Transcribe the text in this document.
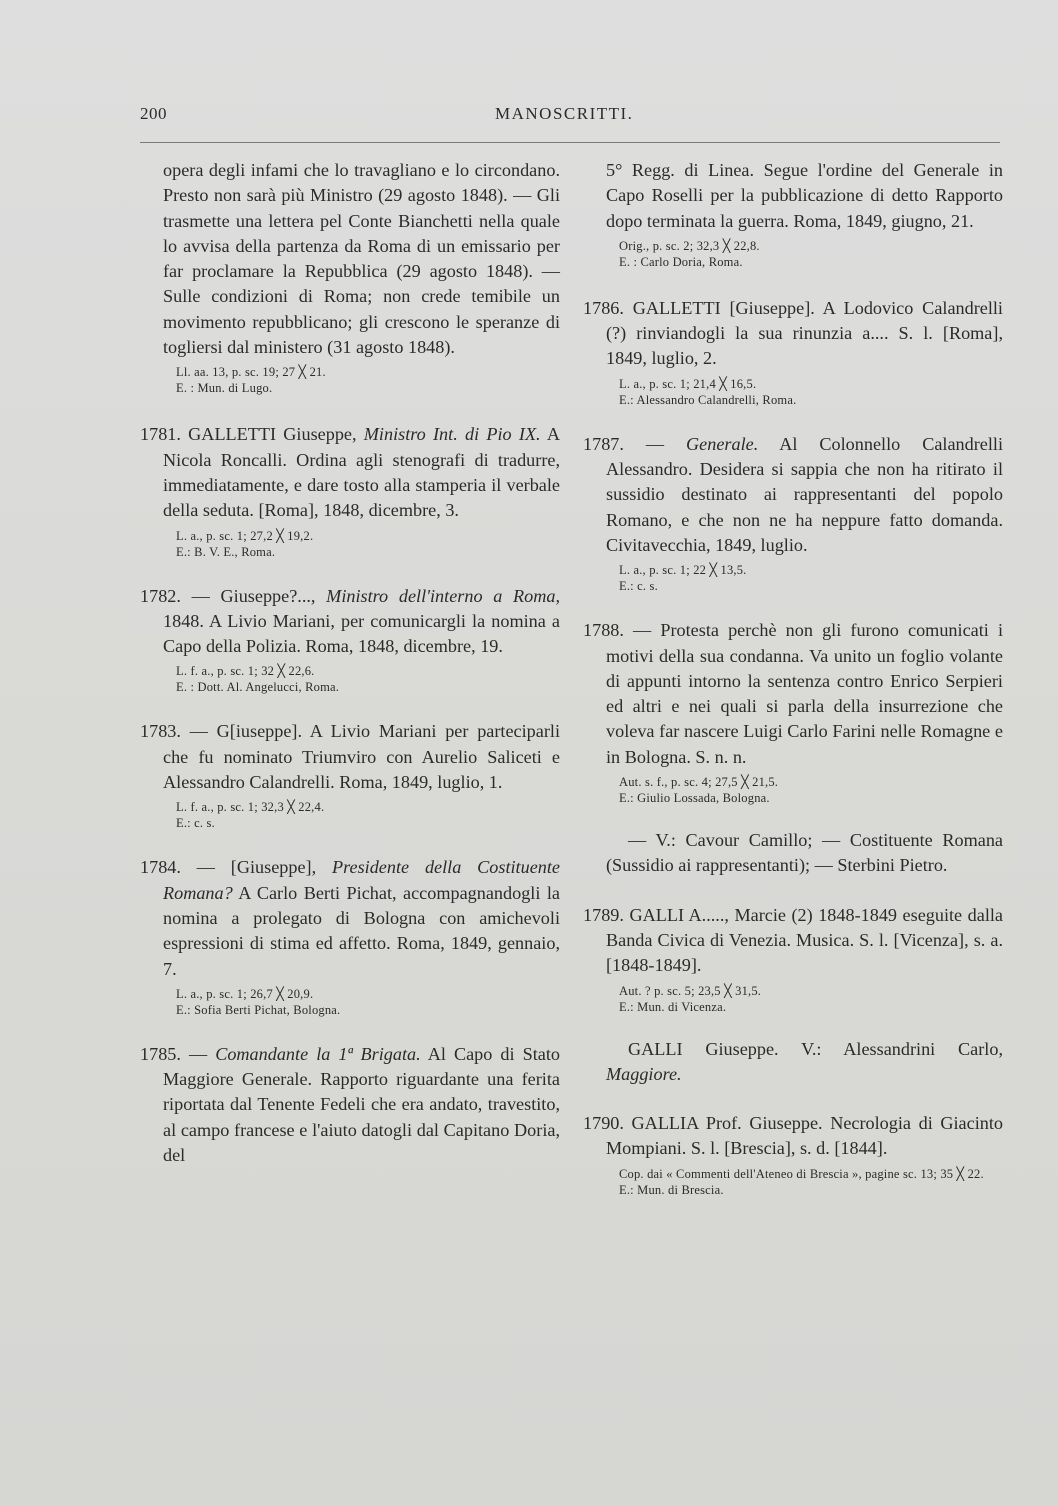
200	MANOSCRITTI.
opera degli infami che lo travagliano e lo circondano. Presto non sarà più Ministro (29 agosto 1848). — Gli trasmette una lettera pel Conte Bianchetti nella quale lo avvisa della partenza da Roma di un emissario per far proclamare la Repubblica (29 agosto 1848). — Sulle condizioni di Roma; non crede temibile un movimento repubblicano; gli crescono le speranze di togliersi dal ministero (31 agosto 1848).
Ll. aa. 13, p. sc. 19; 27 ╳ 21.
E. : Mun. di Lugo.
1781. GALLETTI Giuseppe, Ministro Int. di Pio IX. A Nicola Roncalli. Ordina agli stenografi di tradurre, immediatamente, e dare tosto alla stamperia il verbale della seduta. [Roma], 1848, dicembre, 3.
L. a., p. sc. 1; 27,2 ╳ 19,2.
E.: B. V. E., Roma.
1782. — Giuseppe?..., Ministro dell'interno a Roma, 1848. A Livio Mariani, per comunicargli la nomina a Capo della Polizia. Roma, 1848, dicembre, 19.
L. f. a., p. sc. 1; 32 ╳ 22,6.
E. : Dott. Al. Angelucci, Roma.
1783. — G[iuseppe]. A Livio Mariani per parteciparli che fu nominato Triumviro con Aurelio Saliceti e Alessandro Calandrelli. Roma, 1849, luglio, 1.
L. f. a., p. sc. 1; 32,3 ╳ 22,4.
E.: c. s.
1784. — [Giuseppe], Presidente della Costituente Romana? A Carlo Berti Pichat, accompagnandogli la nomina a prolegato di Bologna con amichevoli espressioni di stima ed affetto. Roma, 1849, gennaio, 7.
L. a., p. sc. 1; 26,7 ╳ 20,9.
E.: Sofia Berti Pichat, Bologna.
1785. — Comandante la 1ª Brigata. Al Capo di Stato Maggiore Generale. Rapporto riguardante una ferita riportata dal Tenente Fedeli che era andato, travestito, al campo francese e l'aiuto datogli dal Capitano Doria, del
5° Regg. di Linea. Segue l'ordine del Generale in Capo Roselli per la pubblicazione di detto Rapporto dopo terminata la guerra. Roma, 1849, giugno, 21.
Orig., p. sc. 2; 32,3 ╳ 22,8.
E. : Carlo Doria, Roma.
1786. GALLETTI [Giuseppe]. A Lodovico Calandrelli (?) rinviandogli la sua rinunzia a.... S. l. [Roma], 1849, luglio, 2.
L. a., p. sc. 1; 21,4 ╳ 16,5.
E.: Alessandro Calandrelli, Roma.
1787. — Generale. Al Colonnello Calandrelli Alessandro. Desidera si sappia che non ha ritirato il sussidio destinato ai rappresentanti del popolo Romano, e che non ne ha neppure fatto domanda. Civitavecchia, 1849, luglio.
L. a., p. sc. 1; 22 ╳ 13,5.
E.: c. s.
1788. — Protesta perchè non gli furono comunicati i motivi della sua condanna. Va unito un foglio volante di appunti intorno la sentenza contro Enrico Serpieri ed altri e nei quali si parla della insurrezione che voleva far nascere Luigi Carlo Farini nelle Romagne e in Bologna. S. n. n.
Aut. s. f., p. sc. 4; 27,5 ╳ 21,5.
E.: Giulio Lossada, Bologna.
— V.: Cavour Camillo; — Costituente Romana (Sussidio ai rappresentanti); — Sterbini Pietro.
1789. GALLI A....., Marcie (2) 1848-1849 eseguite dalla Banda Civica di Venezia. Musica. S. l. [Vicenza], s. a. [1848-1849].
Aut. ? p. sc. 5; 23,5 ╳ 31,5.
E.: Mun. di Vicenza.
GALLI Giuseppe. V.: Alessandrini Carlo, Maggiore.
1790. GALLIA Prof. Giuseppe. Necrologia di Giacinto Mompiani. S. l. [Brescia], s. d. [1844].
Cop. dai « Commenti dell'Ateneo di Brescia », pagine sc. 13; 35 ╳ 22.
E.: Mun. di Brescia.
